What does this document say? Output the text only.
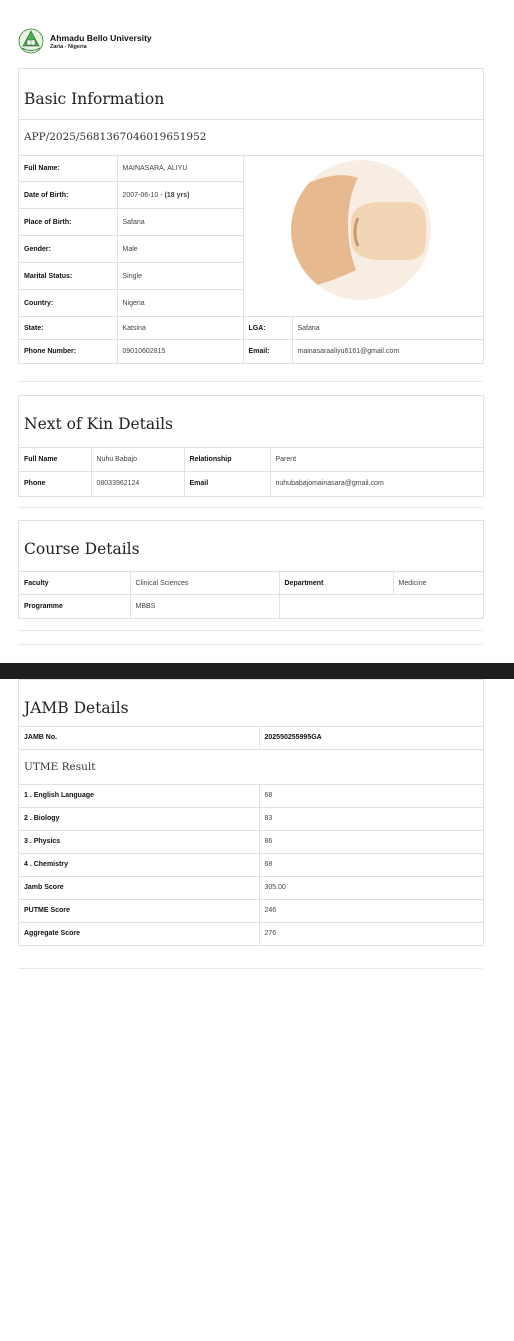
Ahmadu Bello University
Zaria - Nigeria
Basic Information
APP/2025/5681367046019651952
Full Name:	MAINASARA, ALIYU	

Date of Birth:	2007-06-10 - (18 yrs)		
Place of Birth:	Safana		
Gender:	Male		
Marital Status:	Single		
Country:	Nigeria		
State:	Katsina	LGA:	Safana
Phone Number:	09010602815	Email:	mainasaraaliyu6161@gmail.com
Next of Kin Details
Full Name	Nuhu Babajo	Relationship	Parent
Phone	08033962124	Email	nuhubabajomainasara@gmail.com
Course Details
Faculty	Clinical Sciences	Department	Medicine
Programme	MBBS		
JAMB Details
JAMB No.	202550255995GA
UTME Result
1 . English Language	68
2 . Biology	83
3 . Physics	86
4 . Chemistry	68
Jamb Score	305.00
PUTME Score	246
Aggregate Score	276
